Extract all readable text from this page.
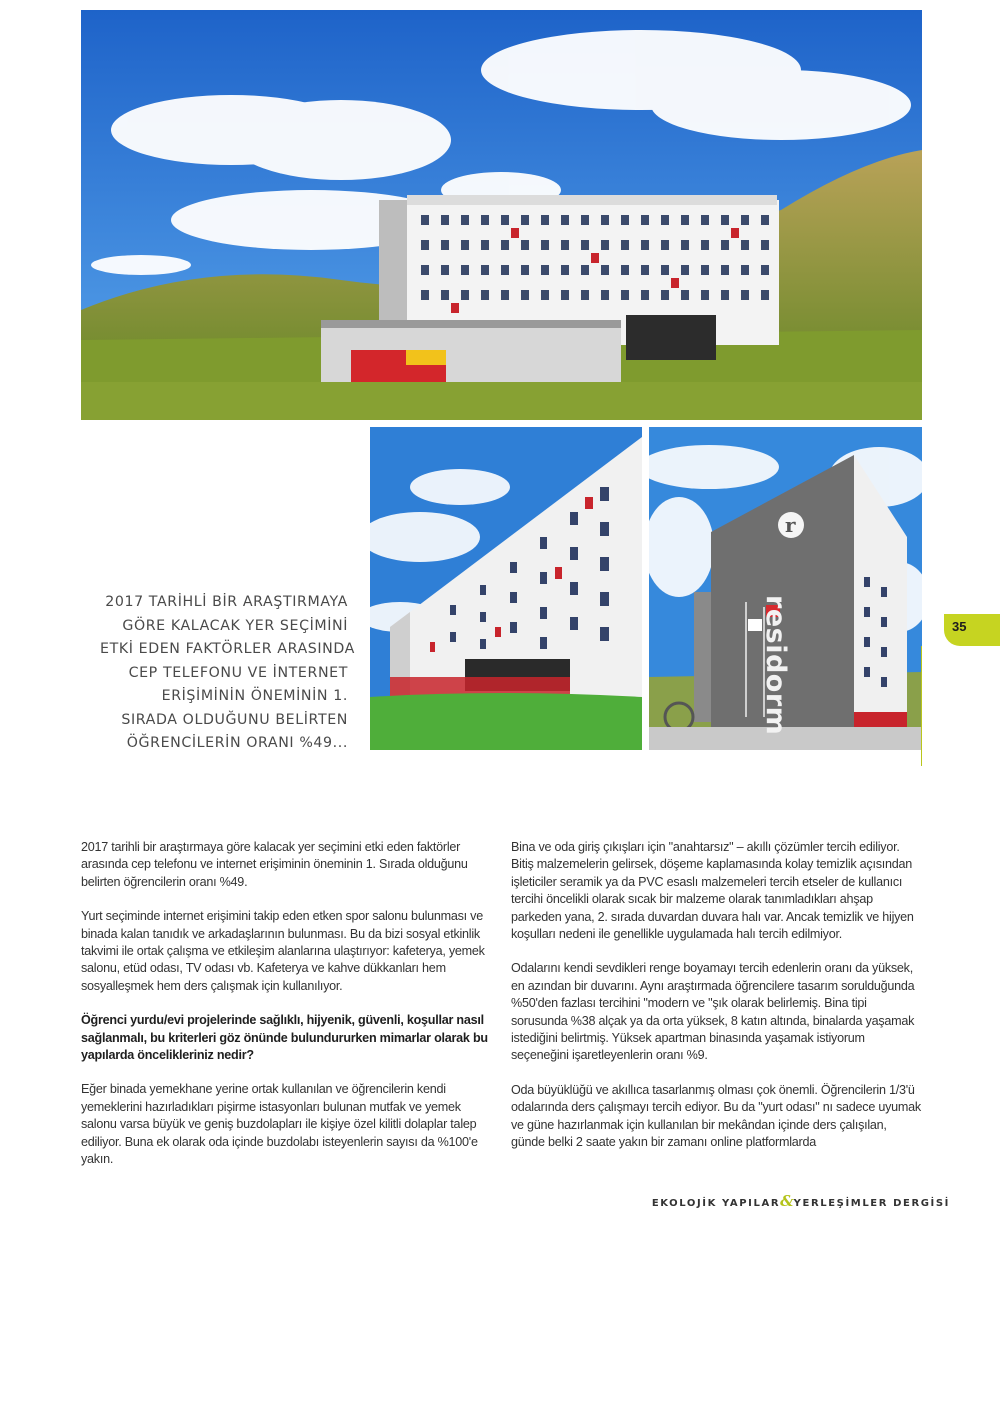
r
residorm
2017 TARİHLİ BİR ARAŞTIRMAYA
GÖRE KALACAK YER SEÇİMİNİ
ETKİ EDEN FAKTÖRLER ARASINDA
CEP TELEFONU VE İNTERNET
ERİŞİMİNİN ÖNEMİNİN 1.
SIRADA OLDUĞUNU BELİRTEN
ÖĞRENCİLERİN ORANI %49...
35

2017 tarihli bir araştırmaya göre kalacak yer seçimini etki eden faktörler arasında cep telefonu ve internet erişiminin öneminin 1. Sırada olduğunu belirten öğrencilerin oranı %49.

Yurt seçiminde internet erişimini takip eden etken spor salonu bulunması ve binada kalan tanıdık ve arkadaşlarının bulunması. Bu da bizi sosyal etkinlik takvimi ile ortak çalışma ve etkileşim alanlarına ulaştırıyor: kafeterya, yemek salonu, etüd odası, TV odası vb. Kafeterya ve kahve dükkanları hem sosyalleşmek hem ders çalışmak için kullanılıyor.

Öğrenci yurdu/evi projelerinde sağlıklı, hijyenik, güvenli, koşullar nasıl sağlanmalı, bu kriterleri göz önünde bulundururken mimarlar olarak bu yapılarda öncelikleriniz nedir?

Eğer binada yemekhane yerine ortak kullanılan ve öğrencilerin kendi yemeklerini hazırladıkları pişirme istasyonları bulunan mutfak ve yemek salonu varsa büyük ve geniş buzdolapları ile kişiye özel kilitli dolaplar talep ediliyor. Buna ek olarak oda içinde buzdolabı isteyenlerin sayısı da %100'e yakın.

Bina ve oda giriş çıkışları için "anahtarsız" – akıllı çözümler tercih ediliyor. Bitiş malzemelerin gelirsek, döşeme kaplamasında kolay temizlik açısından işleticiler seramik ya da PVC esaslı malzemeleri tercih etseler de kullanıcı tercihi öncelikli olarak sıcak bir malzeme olarak tanımladıkları ahşap parkeden yana, 2. sırada duvardan duvara halı var. Ancak temizlik ve hijyen koşulları nedeni ile genellikle uygulamada halı tercih edilmiyor.

Odalarını kendi sevdikleri renge boyamayı tercih edenlerin oranı da yüksek, en azından bir duvarını. Aynı araştırmada öğrencilere tasarım sorulduğunda %50'den fazlası tercihini "modern ve "şık olarak belirlemiş. Bina tipi sorusunda %38 alçak ya da orta yüksek, 8 katın altında, binalarda yaşamak istediğini belirtmiş. Yüksek apartman binasında yaşamak istiyorum seçeneğini işaretleyenlerin oranı %9.

Oda büyüklüğü ve akıllıca tasarlanmış olması çok önemli. Öğrencilerin 1/3'ü odalarında ders çalışmayı tercih ediyor. Bu da "yurt odası" nı sadece uyumak ve güne hazırlanmak için kullanılan bir mekândan içinde ders çalışılan, günde belki 2 saate yakın bir zamanı online platformlarda

EKOLOJİK YAPILAR&YERLEŞİMLER DERGİSİ
